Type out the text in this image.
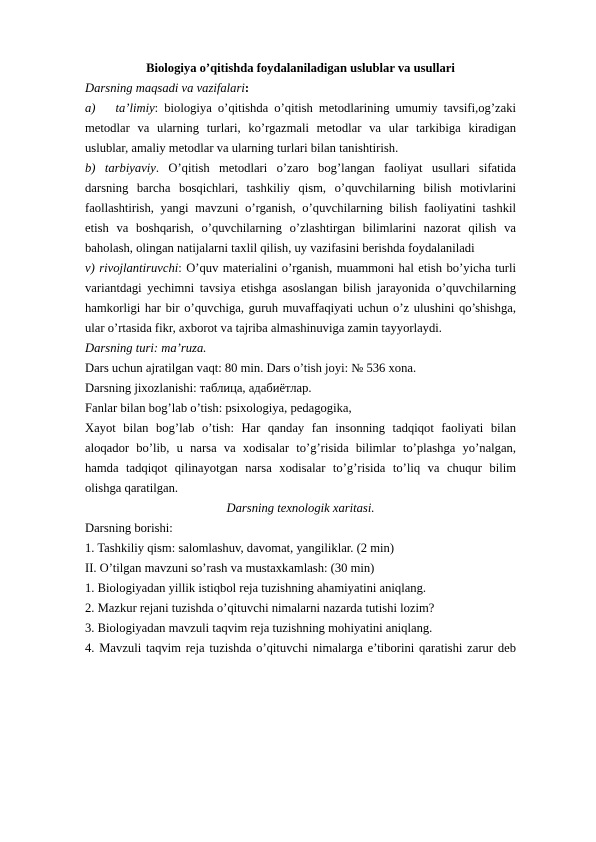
Biologiya o’qitishda foydalaniladigan uslublar va usullari

Darsning maqsadi va vazifalari:

a) ta’limiy: biologiya o’qitishda o’qitish metodlarining umumiy tavsifi,og’zaki

metodlar va ularning turlari, ko’rgazmali metodlar va ular tarkibiga kiradigan

uslublar, amaliy metodlar va ularning turlari bilan tanishtirish.

b) tarbiyaviy. O’qitish metodlari o’zaro bog’langan faoliyat usullari sifatida

darsning barcha bosqichlari, tashkiliy qism, o’quvchilarning bilish motivlarini

faollashtirish, yangi mavzuni o’rganish, o’quvchilarning bilish faoliyatini tashkil

etish va boshqarish, o’quvchilarning o’zlashtirgan bilimlarini nazorat qilish va

baholash, olingan natijalarni taxlil qilish, uy vazifasini berishda foydalaniladi

v) rivojlantiruvchi: O’quv materialini o’rganish, muammoni hal etish bo’yicha turli

variantdagi yechimni tavsiya etishga asoslangan bilish jarayonida o’quvchilarning

hamkorligi har bir o’quvchiga, guruh muvaffaqiyati uchun o’z ulushini qo’shishga,

ular o’rtasida fikr, axborot va tajriba almashinuviga zamin tayyorlaydi.

Darsning turi: ma’ruza.

Dars uchun ajratilgan vaqt: 80 min. Dars o’tish joyi: № 536 xona.

Darsning jixozlanishi: таблица, адабиётлар.

Fanlar bilan bog’lab o’tish: psixologiya, pedagogika,

Xayot bilan bog’lab o’tish: Har qanday fan insonning tadqiqot faoliyati bilan

aloqador bo’lib, u narsa va xodisalar to’g’risida bilimlar to’plashga yo’nalgan,

hamda tadqiqot qilinayotgan narsa xodisalar to’g’risida to’liq va chuqur bilim

olishga qaratilgan.

Darsning texnologik xaritasi.

Darsning borishi:

1. Tashkiliy qism: salomlashuv, davomat, yangiliklar. (2 min)

II. O’tilgan mavzuni so’rash va mustaxkamlash: (30 min)

1. Biologiyadan yillik istiqbol reja tuzishning ahamiyatini aniqlang.

2. Mazkur rejani tuzishda o’qituvchi nimalarni nazarda tutishi lozim?

3. Biologiyadan mavzuli taqvim reja tuzishning mohiyatini aniqlang.

4. Mavzuli taqvim reja tuzishda o’qituvchi nimalarga e’tiborini qaratishi zarur deb
